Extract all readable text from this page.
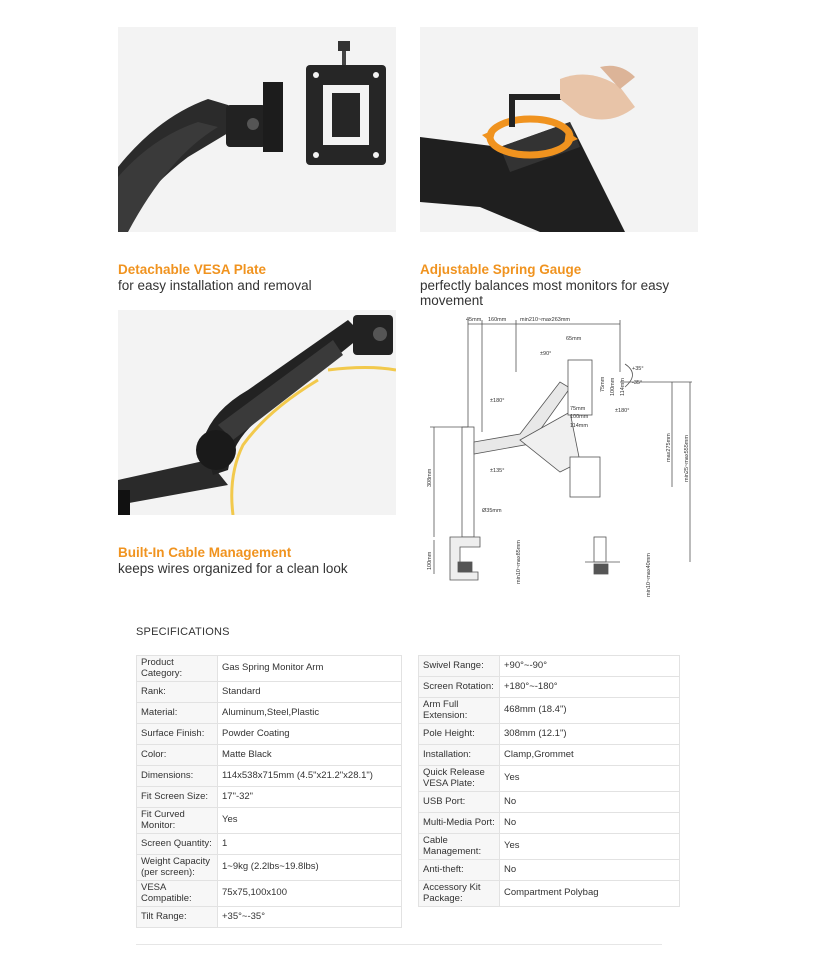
Detachable VESA Plate
for easy installation and removal
Adjustable Spring Gauge
perfectly balances most monitors for easy movement
Built-In Cable Management
keeps wires organized for a clean look
45mm 160mm min210~max263mm
65mm
±90°
±180°
±180°
±135°
75mm
100mm
114mm
+35°
-35°
Ø35mm
308mm
100mm	min10~max85mm	min10~max40mm
max275mm min25~max555mm
75mm 100mm 114mm
SPECIFICATIONS
Product Category:	Gas Spring Monitor Arm
Rank:	Standard
Material:	Aluminum,Steel,Plastic
Surface Finish:	Powder Coating
Color:	Matte Black
Dimensions:	114x538x715mm (4.5"x21.2"x28.1")
Fit Screen Size:	17"-32"
Fit Curved Monitor:	Yes
Screen Quantity:	1
Weight Capacity (per screen):	1~9kg (2.2lbs~19.8lbs)
VESA Compatible:	75x75,100x100
Tilt Range:	+35°~-35°
Swivel Range:	+90°~-90°
Screen Rotation:	+180°~-180°
Arm Full Extension:	468mm (18.4")
Pole Height:	308mm (12.1")
Installation:	Clamp,Grommet
Quick Release VESA Plate:	Yes
USB Port:	No
Multi-Media Port:	No
Cable Management:	Yes
Anti-theft:	No
Accessory Kit Package:	Compartment Polybag
